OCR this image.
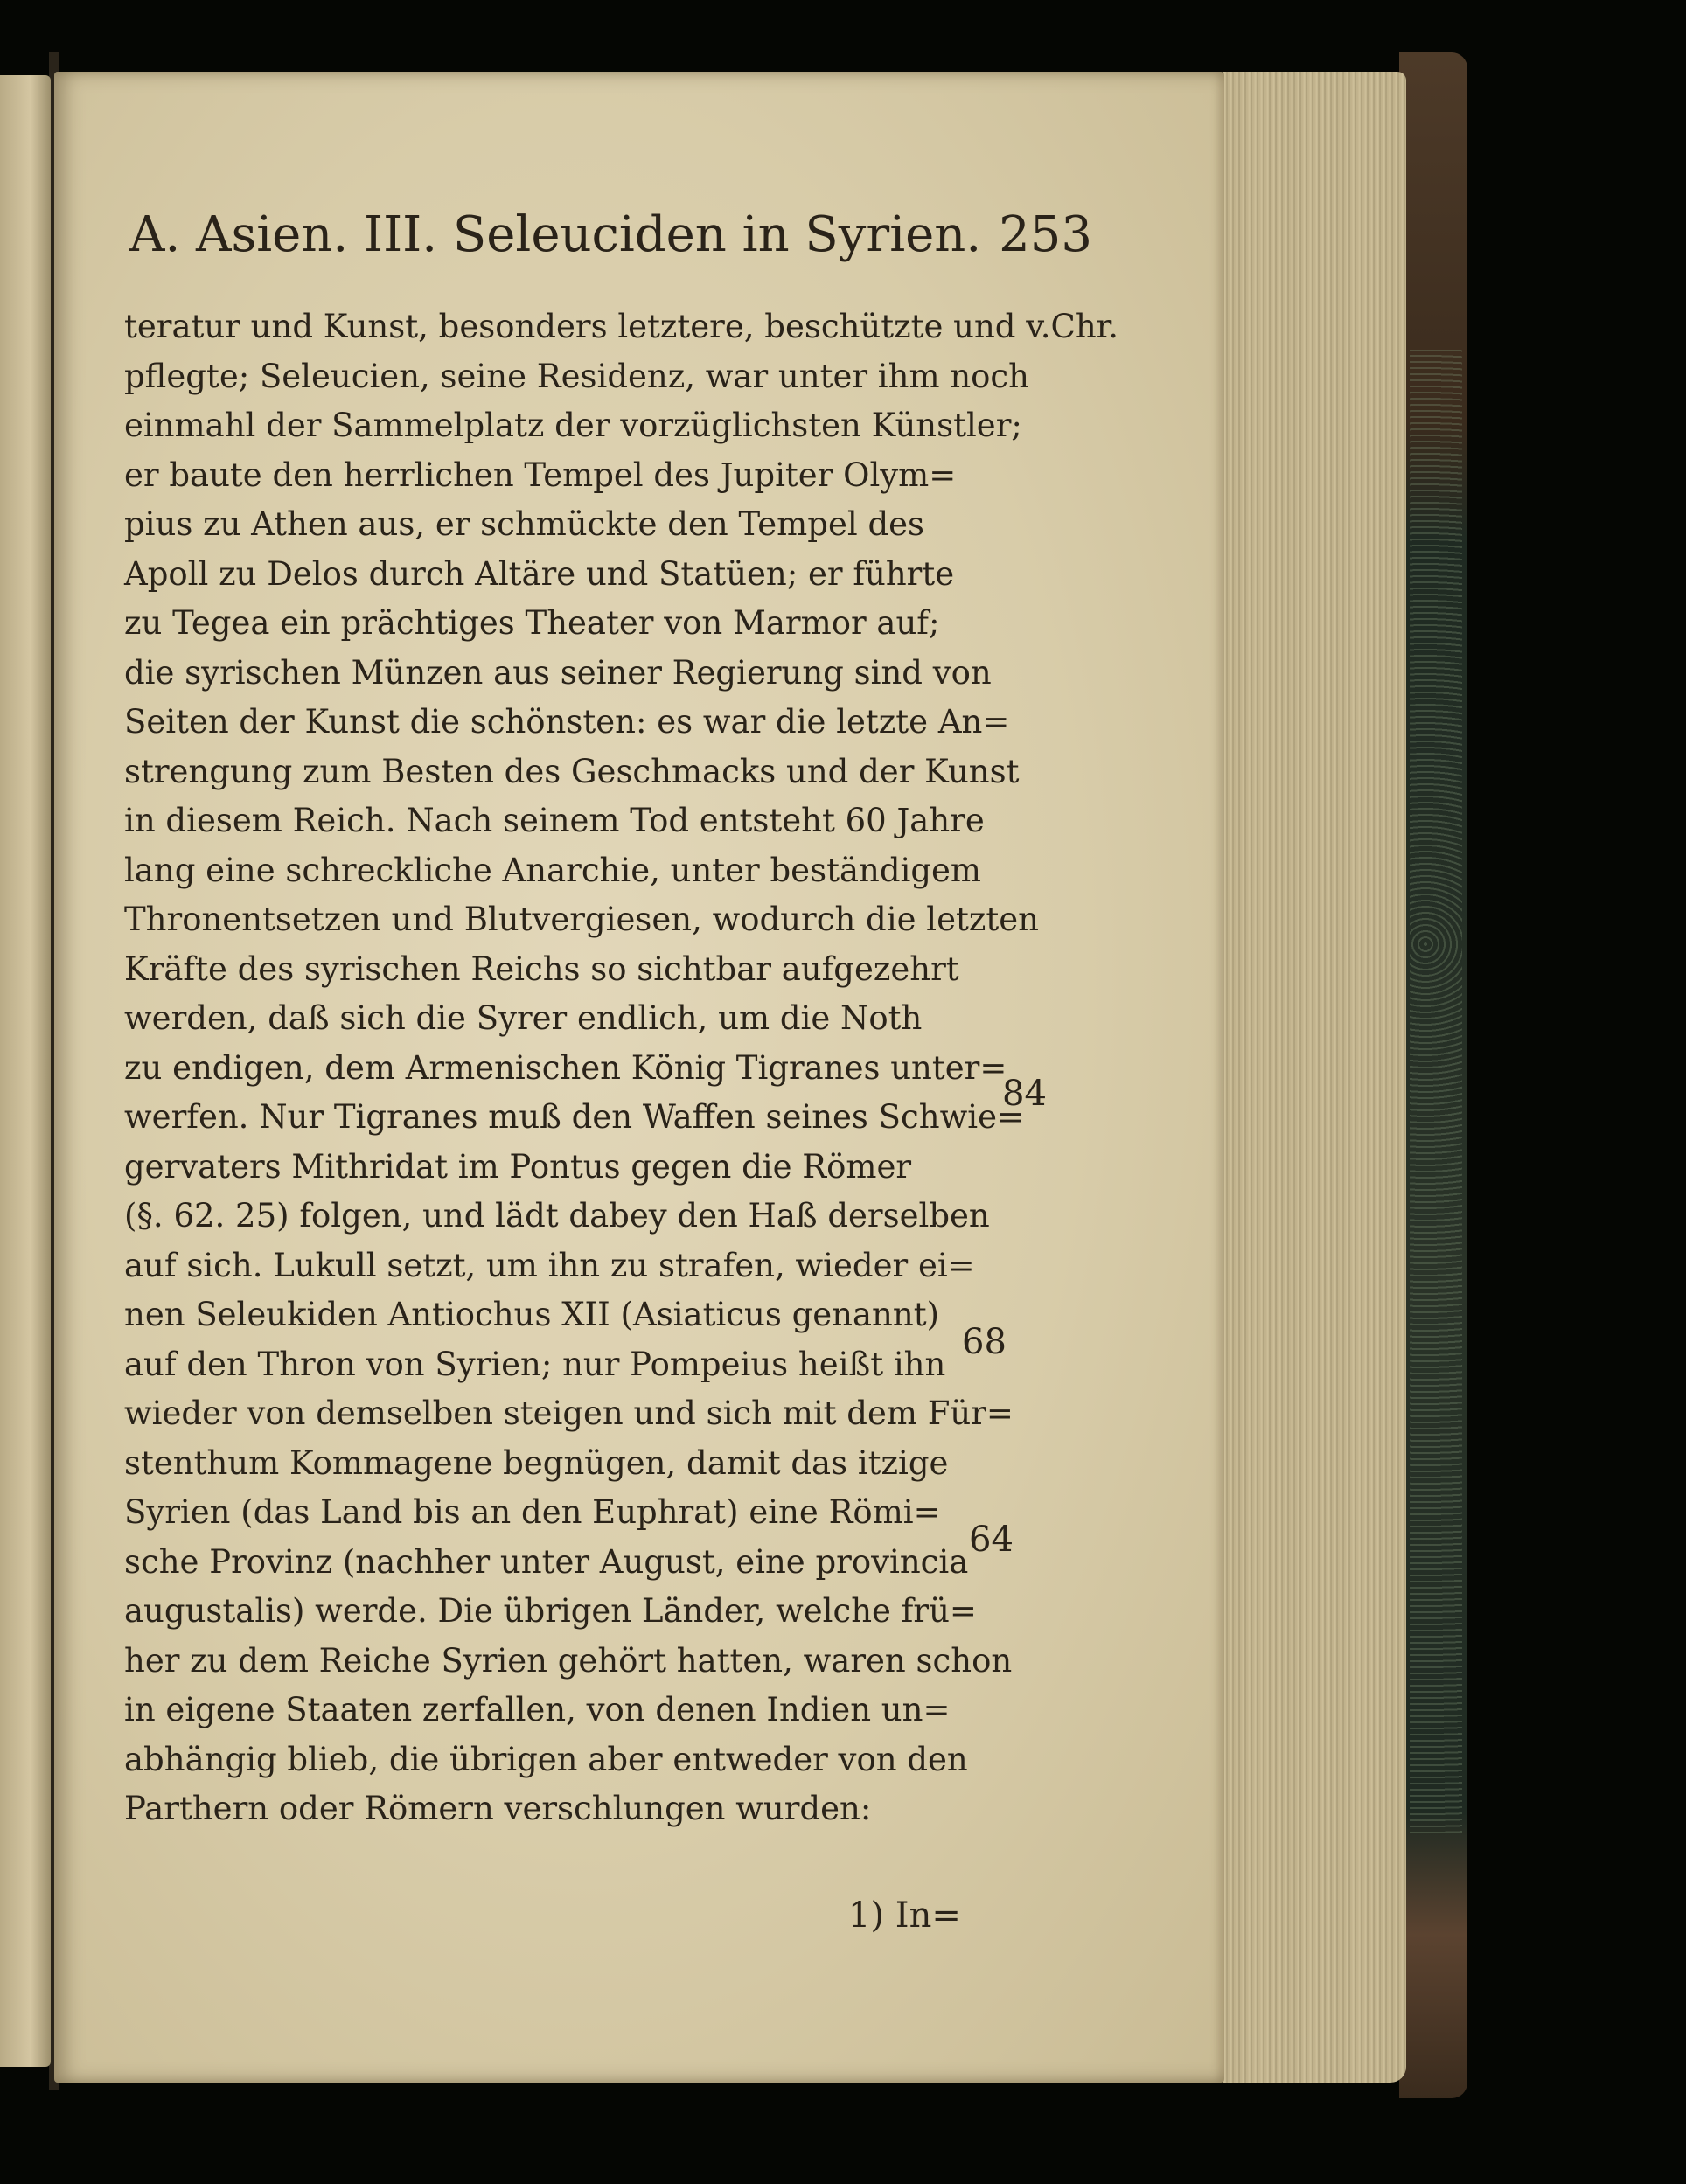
A. Asien. III. Seleuciden in Syrien. 253
teratur und Kunst, besonders letztere, beschützte und v.Chr.
pflegte; Seleucien, seine Residenz, war unter ihm noch
einmahl der Sammelplatz der vorzüglichsten Künstler;
er baute den herrlichen Tempel des Jupiter Olym=
pius zu Athen aus, er schmückte den Tempel des
Apoll zu Delos durch Altäre und Statüen; er führte
zu Tegea ein prächtiges Theater von Marmor auf;
die syrischen Münzen aus seiner Regierung sind von
Seiten der Kunst die schönsten: es war die letzte An=
strengung zum Besten des Geschmacks und der Kunst
in diesem Reich. Nach seinem Tod entsteht 60 Jahre
lang eine schreckliche Anarchie, unter beständigem
Thronentsetzen und Blutvergiesen, wodurch die letzten
Kräfte des syrischen Reichs so sichtbar aufgezehrt
werden, daß sich die Syrer endlich, um die Noth
zu endigen, dem Armenischen König Tigranes unter=
werfen. Nur Tigranes muß den Waffen seines Schwie=
gervaters Mithridat im Pontus gegen die Römer
(§. 62. 25) folgen, und lädt dabey den Haß derselben
auf sich. Lukull setzt, um ihn zu strafen, wieder ei=
nen Seleukiden Antiochus XII (Asiaticus genannt)
auf den Thron von Syrien; nur Pompeius heißt ihn
wieder von demselben steigen und sich mit dem Für=
stenthum Kommagene begnügen, damit das itzige
Syrien (das Land bis an den Euphrat) eine Römi=
sche Provinz (nachher unter August, eine provincia
augustalis) werde. Die übrigen Länder, welche frü=
her zu dem Reiche Syrien gehört hatten, waren schon
in eigene Staaten zerfallen, von denen Indien un=
abhängig blieb, die übrigen aber entweder von den
Parthern oder Römern verschlungen wurden:
84
68
64
1) In=
